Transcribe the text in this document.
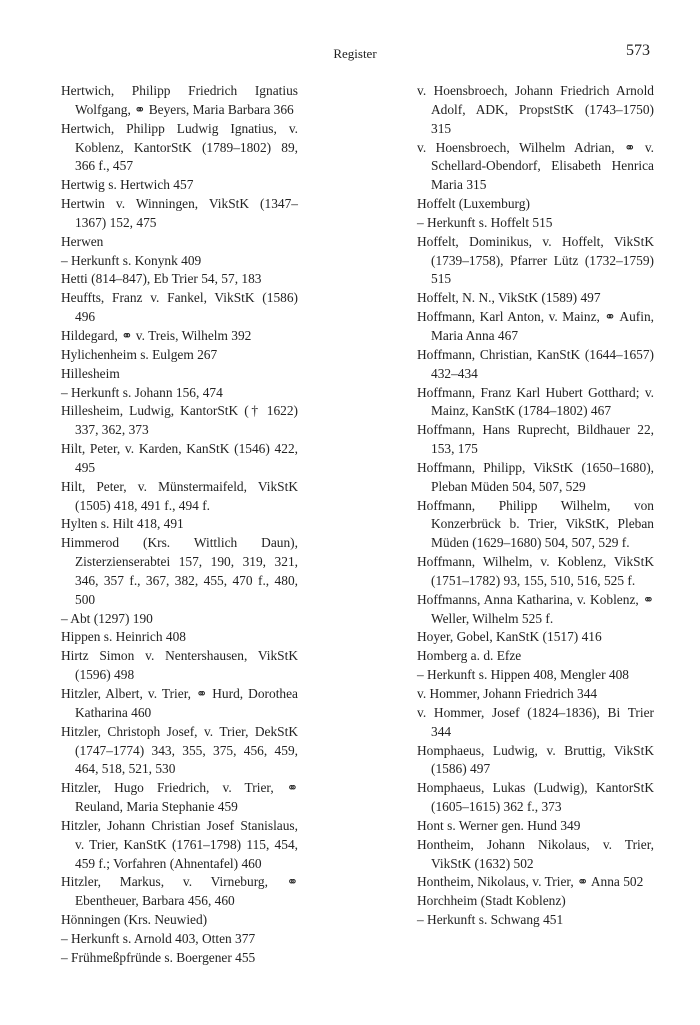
Register	573
Hertwich, Philipp Friedrich Ignatius Wolfgang, ⚭ Beyers, Maria Barbara 366
Hertwich, Philipp Ludwig Ignatius, v. Koblenz, KantorStK (1789–1802) 89, 366 f., 457
Hertwig s. Hertwich 457
Hertwin v. Winningen, VikStK (1347–1367) 152, 475
Herwen
– Herkunft s. Konynk 409
Hetti (814–847), Eb Trier 54, 57, 183
Heuffts, Franz v. Fankel, VikStK (1586) 496
Hildegard, ⚭ v. Treis, Wilhelm 392
Hylichenheim s. Eulgem 267
Hillesheim
– Herkunft s. Johann 156, 474
Hillesheim, Ludwig, KantorStK († 1622) 337, 362, 373
Hilt, Peter, v. Karden, KanStK (1546) 422, 495
Hilt, Peter, v. Münstermaifeld, VikStK (1505) 418, 491 f., 494 f.
Hylten s. Hilt 418, 491
Himmerod (Krs. Wittlich Daun), Zisterzienserabtei 157, 190, 319, 321, 346, 357 f., 367, 382, 455, 470 f., 480, 500
– Abt (1297) 190
Hippen s. Heinrich 408
Hirtz Simon v. Nentershausen, VikStK (1596) 498
Hitzler, Albert, v. Trier, ⚭ Hurd, Dorothea Katharina 460
Hitzler, Christoph Josef, v. Trier, DekStK (1747–1774) 343, 355, 375, 456, 459, 464, 518, 521, 530
Hitzler, Hugo Friedrich, v. Trier, ⚭ Reuland, Maria Stephanie 459
Hitzler, Johann Christian Josef Stanislaus, v. Trier, KanStK (1761–1798) 115, 454, 459 f.; Vorfahren (Ahnentafel) 460
Hitzler, Markus, v. Virneburg, ⚭ Ebentheuer, Barbara 456, 460
Hönningen (Krs. Neuwied)
– Herkunft s. Arnold 403, Otten 377
– Frühmeßpfründe s. Boergener 455
v. Hoensbroech, Johann Friedrich Arnold Adolf, ADK, PropstStK (1743–1750) 315
v. Hoensbroech, Wilhelm Adrian, ⚭ v. Schellard-Obendorf, Elisabeth Henrica Maria 315
Hoffelt (Luxemburg)
– Herkunft s. Hoffelt 515
Hoffelt, Dominikus, v. Hoffelt, VikStK (1739–1758), Pfarrer Lütz (1732–1759) 515
Hoffelt, N. N., VikStK (1589) 497
Hoffmann, Karl Anton, v. Mainz, ⚭ Aufin, Maria Anna 467
Hoffmann, Christian, KanStK (1644–1657) 432–434
Hoffmann, Franz Karl Hubert Gotthard; v. Mainz, KanStK (1784–1802) 467
Hoffmann, Hans Ruprecht, Bildhauer 22, 153, 175
Hoffmann, Philipp, VikStK (1650–1680), Pleban Müden 504, 507, 529
Hoffmann, Philipp Wilhelm, von Konzerbrück b. Trier, VikStK, Pleban Müden (1629–1680) 504, 507, 529 f.
Hoffmann, Wilhelm, v. Koblenz, VikStK (1751–1782) 93, 155, 510, 516, 525 f.
Hoffmanns, Anna Katharina, v. Koblenz, ⚭ Weller, Wilhelm 525 f.
Hoyer, Gobel, KanStK (1517) 416
Homberg a. d. Efze
– Herkunft s. Hippen 408, Mengler 408
v. Hommer, Johann Friedrich 344
v. Hommer, Josef (1824–1836), Bi Trier 344
Homphaeus, Ludwig, v. Bruttig, VikStK (1586) 497
Homphaeus, Lukas (Ludwig), KantorStK (1605–1615) 362 f., 373
Hont s. Werner gen. Hund 349
Hontheim, Johann Nikolaus, v. Trier, VikStK (1632) 502
Hontheim, Nikolaus, v. Trier, ⚭ Anna 502
Horchheim (Stadt Koblenz)
– Herkunft s. Schwang 451
